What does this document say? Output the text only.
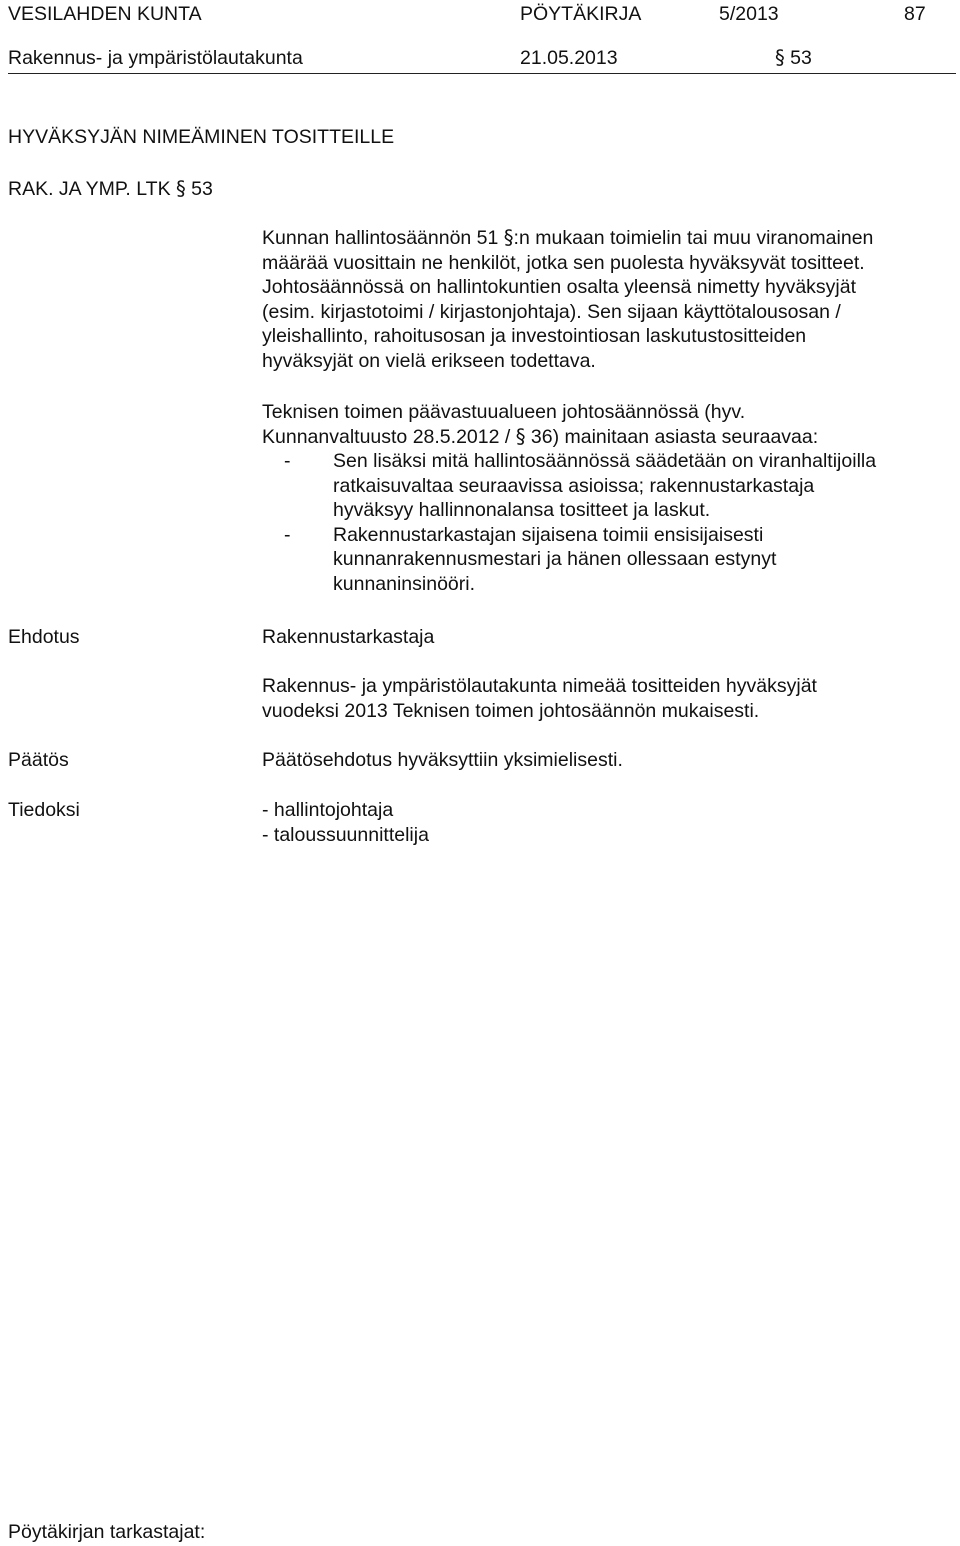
VESILAHDEN KUNTA	PÖYTÄKIRJA	5/2013	87
Rakennus- ja ympäristölautakunta	21.05.2013	§ 53
HYVÄKSYJÄN NIMEÄMINEN TOSITTEILLE
RAK. JA YMP. LTK § 53

Kunnan hallintosäännön 51 §:n mukaan toimielin tai muu viranomainen

määrää vuosittain ne henkilöt, jotka sen puolesta hyväksyvät tositteet.

Johtosäännössä on hallintokuntien osalta yleensä nimetty hyväksyjät

(esim. kirjastotoimi / kirjastonjohtaja). Sen sijaan käyttötalousosan /

yleishallinto, rahoitusosan ja investointiosan laskutustositteiden

hyväksyjät on vielä erikseen todettava.

Teknisen toimen päävastuualueen johtosäännössä (hyv.

Kunnanvaltuusto 28.5.2012 / § 36) mainitaan asiasta seuraavaa:

- Sen lisäksi mitä hallintosäännössä säädetään on viranhaltijoilla

ratkaisuvaltaa seuraavissa asioissa; rakennustarkastaja

hyväksyy hallinnonalansa tositteet ja laskut.

- Rakennustarkastajan sijaisena toimii ensisijaisesti

kunnanrakennusmestari ja hänen ollessaan estynyt

kunnaninsinööri.

Ehdotus	Rakennustarkastaja

Rakennus- ja ympäristölautakunta nimeää tositteiden hyväksyjät

vuodeksi 2013 Teknisen toimen johtosäännön mukaisesti.

Päätös	Päätösehdotus hyväksyttiin yksimielisesti.
Tiedoksi	- hallintojohtaja

- taloussuunnittelija

Pöytäkirjan tarkastajat:
